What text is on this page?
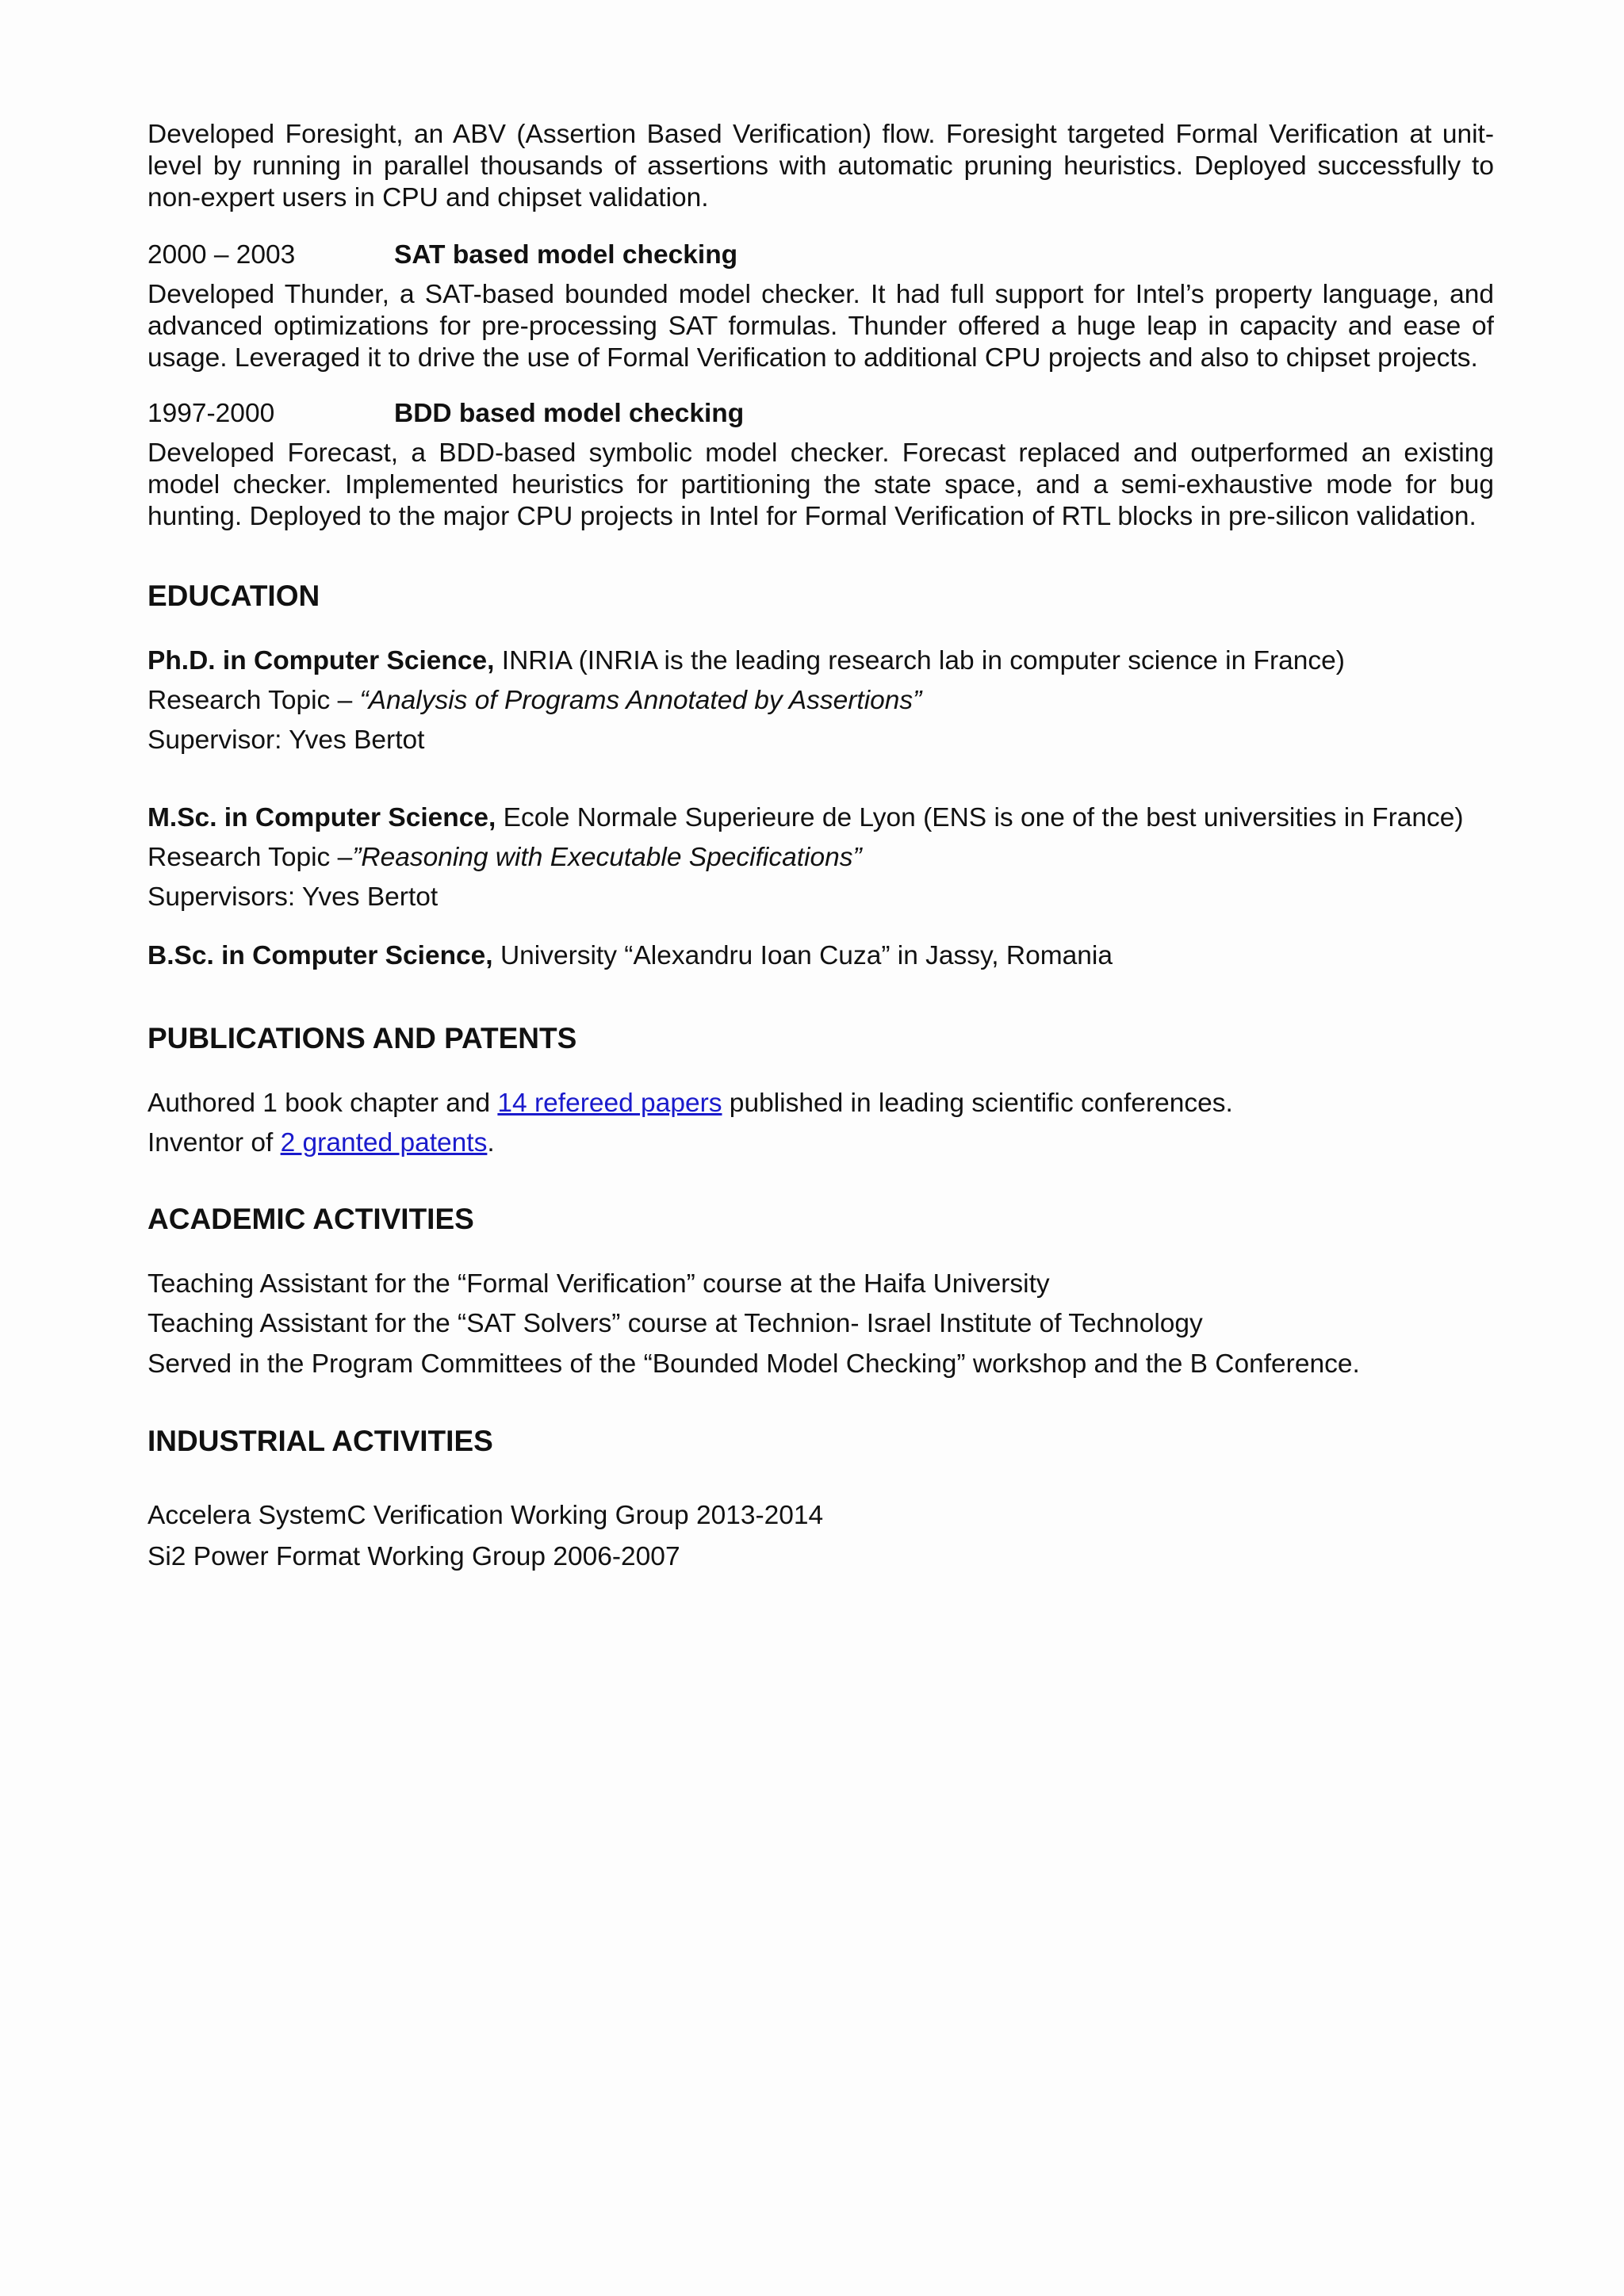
Developed Foresight, an ABV (Assertion Based Verification) flow. Foresight targeted Formal Verification at unit-level by running in parallel thousands of assertions with automatic pruning heuristics. Deployed successfully to non-expert users in CPU and chipset validation.

2000 – 2003	SAT based model checking

Developed Thunder, a SAT-based bounded model checker. It had full support for Intel’s property language, and advanced optimizations for pre-processing SAT formulas. Thunder offered a huge leap in capacity and ease of usage. Leveraged it to drive the use of Formal Verification to additional CPU projects and also to chipset projects.

1997-2000	BDD based model checking

Developed Forecast, a BDD-based symbolic model checker. Forecast replaced and outperformed an existing model checker. Implemented heuristics for partitioning the state space, and a semi-exhaustive mode for bug hunting. Deployed to the major CPU projects in Intel for Formal Verification of RTL blocks in pre-silicon validation.

EDUCATION

Ph.D. in Computer Science, INRIA (INRIA is the leading research lab in computer science in France)

Research Topic – “Analysis of Programs Annotated by Assertions”

Supervisor: Yves Bertot

M.Sc. in Computer Science, Ecole Normale Superieure de Lyon (ENS is one of the best universities in France)

Research Topic –”Reasoning with Executable Specifications”

Supervisors: Yves Bertot

B.Sc. in Computer Science, University “Alexandru Ioan Cuza” in Jassy, Romania

PUBLICATIONS AND PATENTS

Authored 1 book chapter and 14 refereed papers published in leading scientific conferences.

Inventor of 2 granted patents.

ACADEMIC ACTIVITIES

Teaching Assistant for the “Formal Verification” course at the Haifa University

Teaching Assistant for the “SAT Solvers” course at Technion- Israel Institute of Technology

Served in the Program Committees of the “Bounded Model Checking” workshop and the B Conference.

INDUSTRIAL ACTIVITIES

Accelera SystemC Verification Working Group 2013-2014

Si2 Power Format Working Group 2006-2007
